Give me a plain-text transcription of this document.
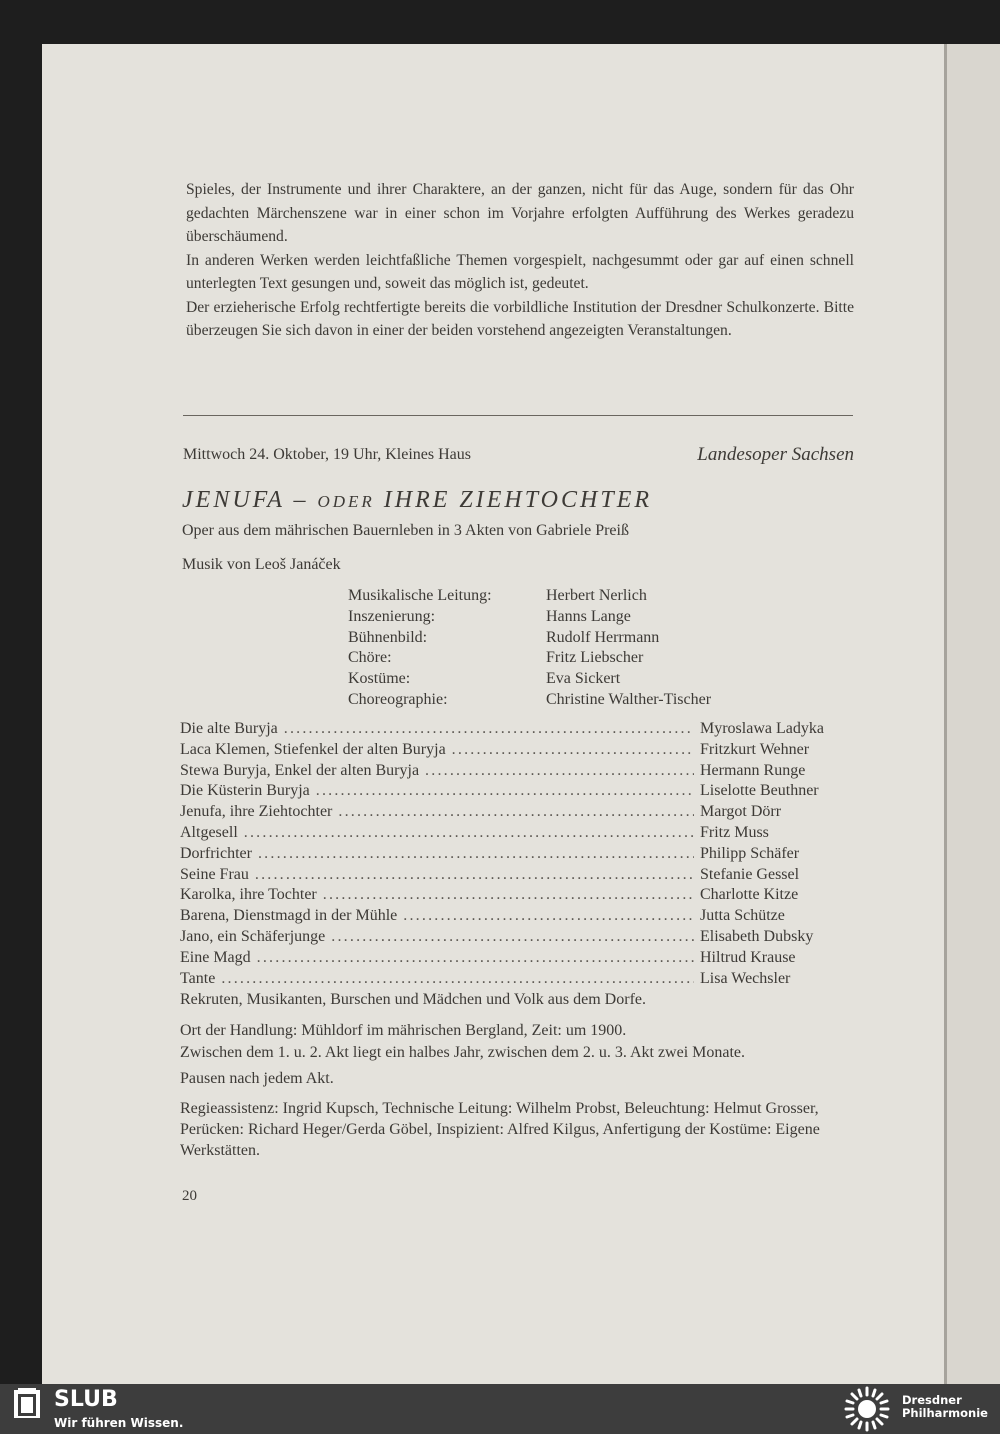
Spieles, der Instrumente und ihrer Charaktere, an der ganzen, nicht für das Auge, sondern für das Ohr gedachten Märchenszene war in einer schon im Vorjahre erfolgten Aufführung des Werkes geradezu überschäumend.

In anderen Werken werden leichtfaßliche Themen vorgespielt, nachgesummt oder gar auf einen schnell unterlegten Text gesungen und, soweit das möglich ist, gedeutet.

Der erzieherische Erfolg rechtfertigte bereits die vorbildliche Institution der Dresdner Schulkonzerte. Bitte überzeugen Sie sich davon in einer der beiden vorstehend angezeigten Veranstaltungen.

Mittwoch 24. Oktober, 19 Uhr, Kleines Haus	Landesoper Sachsen
JENUFA – ODER IHRE ZIEHTOCHTER
Oper aus dem mährischen Bauernleben in 3 Akten von Gabriele Preiß
Musik von Leoš Janáček
Musikalische Leitung:	Herbert Nerlich
Inszenierung:	Hanns Lange
Bühnenbild:	Rudolf Herrmann
Chöre:	Fritz Liebscher
Kostüme:	Eva Sickert
Choreographie:	Christine Walther-Tischer
Die alte Buryja .....	Myroslawa Ladyka
Laca Klemen, Stiefenkel der alten Buryja .....	Fritzkurt Wehner
Stewa Buryja, Enkel der alten Buryja .....	Hermann Runge
Die Küsterin Buryja .....	Liselotte Beuthner
Jenufa, ihre Ziehtochter .....	Margot Dörr
Altgesell .....	Fritz Muss
Dorfrichter .....	Philipp Schäfer
Seine Frau .....	Stefanie Gessel
Karolka, ihre Tochter .....	Charlotte Kitze
Barena, Dienstmagd in der Mühle .....	Jutta Schütze
Jano, ein Schäferjunge .....	Elisabeth Dubsky
Eine Magd .....	Hiltrud Krause
Tante .....	Lisa Wechsler
Rekruten, Musikanten, Burschen und Mädchen und Volk aus dem Dorfe.

Ort der Handlung: Mühldorf im mährischen Bergland, Zeit: um 1900.

Zwischen dem 1. u. 2. Akt liegt ein halbes Jahr, zwischen dem 2. u. 3. Akt zwei Monate.

Pausen nach jedem Akt.
Regieassistenz: Ingrid Kupsch, Technische Leitung: Wilhelm Probst, Beleuchtung: Helmut Grosser, Perücken: Richard Heger/Gerda Göbel, Inspizient: Alfred Kilgus, Anfertigung der Kostüme: Eigene Werkstätten.
20
SLUB
Wir führen Wissen.
Dresdner
Philharmonie
